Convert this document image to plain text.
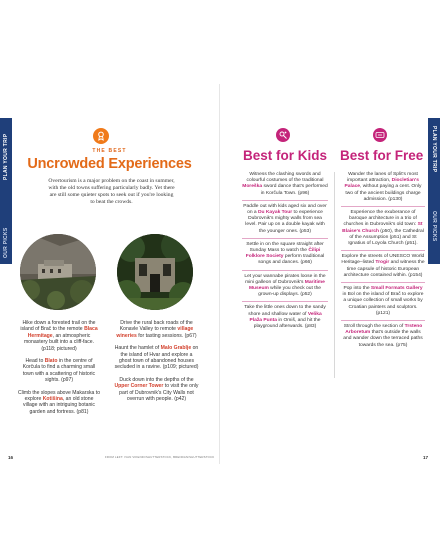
PLAN YOUR TRIP
OUR PICKS
THE BEST
Uncrowded Experiences
Overtourism is a major problem on the coast in summer, with the old towns suffering particularly badly. Yet there are still some quieter spots to seek out if you're looking to beat the crowds.
Hike down a forested trail on the island of Brač to the remote Blaca Hermitage, an atmospheric monastery built into a cliff-face. (p118; pictured)
Head to Blato in the centre of Korčula to find a charming small town with a scattering of historic sights. (p97)
Climb the slopes above Makarska to explore Kotišina, an old stone village with an intriguing botanic garden and fortress. (p81)
Drive the rural back roads of the Konavle Valley to remote village wineries for tasting sessions. (p67)
Haunt the hamlet of Malo Grablje on the island of Hvar and explore a ghost town of abandoned houses secluded in a ravine. (p109; pictured)
Duck down into the depths of the Upper Corner Tower to visit the only part of Dubrovnik's City Walls not overrun with people. (p42)
16	FROM LEFT: IVAN VIKENDI/SHUTTERSTOCK, BRENDAN/SHUTTERSTOCK
PLAN YOUR TRIP
OUR PICKS
Best for Kids Best for Free
Witness the clashing swords and colourful costumes of the traditional Moreška sword dance that's performed in Korčula Town. (p96)
Paddle out with kids aged six and over on a Du Kayak Tour to experience Dubrovnik's mighty walls from sea level. Pair up on a double kayak with the younger ones. (p53)
Settle in on the square straight after Sunday Mass to watch the Čilipi Folklore Society perform traditional songs and dances. (p66)
Let your wannabe pirates loose in the mini galleon of Dubrovnik's Maritime Museum while you check out the grown-up displays. (p52)
Take the little ones down to the sandy shore and shallow water of Velika Plaža Punta in Omiš, and hit the playground afterwards. (p83)
Wander the lanes of Split's most important attraction, Diocletian's Palace, without paying a cent. Only two of the ancient buildings charge admission. (p130)
Experience the exuberance of baroque architecture in a trio of churches in Dubrovnik's old town: St Blaise's Church (p50), the Cathedral of the Assumption (p51) and St Ignatius of Loyola Church (p51).
Explore the streets of UNESCO World Heritage–listed Trogir and witness the time capsule of historic European architecture contained within. (p154)
Pop into the Small Formats Gallery in Bol on the island of Brač to explore a unique collection of small works by Croatian painters and sculptors. (p121)
Stroll through the section of Trsteno Arboretum that's outside the walls and wander down the terraced paths towards the sea. (p75)
17
